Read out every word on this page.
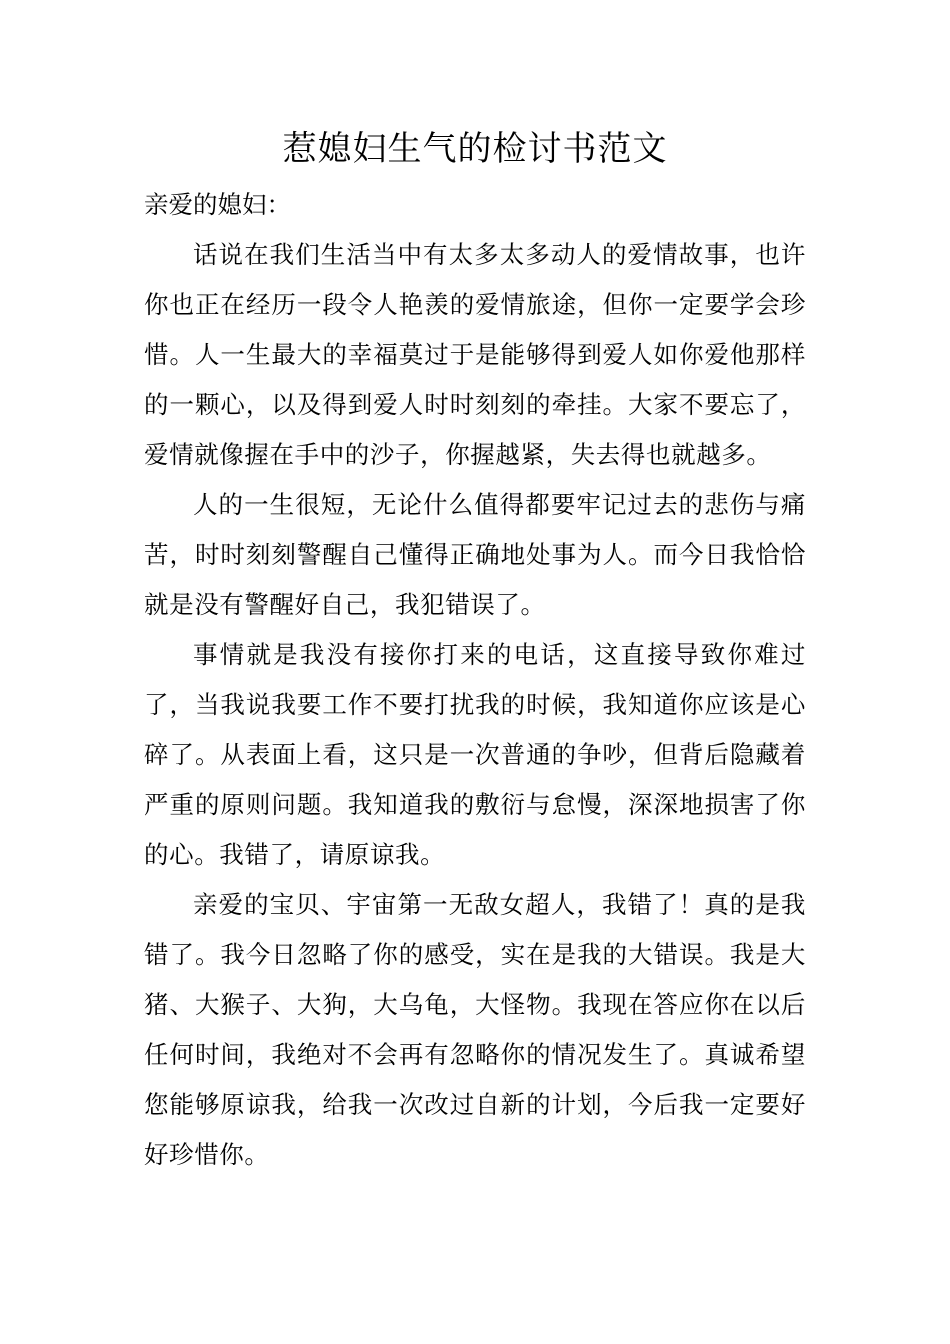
惹媳妇生气的检讨书范文

亲爱的媳妇：

话说在我们生活当中有太多太多动人的爱情故事，也许你也正在经历一段令人艳羡的爱情旅途，但你一定要学会珍惜。人一生最大的幸福莫过于是能够得到爱人如你爱他那样的一颗心，以及得到爱人时时刻刻的牵挂。大家不要忘了，爱情就像握在手中的沙子，你握越紧，失去得也就越多。

人的一生很短，无论什么值得都要牢记过去的悲伤与痛苦，时时刻刻警醒自己懂得正确地处事为人。而今日我恰恰就是没有警醒好自己，我犯错误了。

事情就是我没有接你打来的电话，这直接导致你难过了，当我说我要工作不要打扰我的时候，我知道你应该是心碎了。从表面上看，这只是一次普通的争吵，但背后隐藏着严重的原则问题。我知道我的敷衍与怠慢，深深地损害了你的心。我错了，请原谅我。

亲爱的宝贝、宇宙第一无敌女超人，我错了！真的是我错了。我今日忽略了你的感受，实在是我的大错误。我是大猪、大猴子、大狗，大乌龟，大怪物。我现在答应你在以后任何时间，我绝对不会再有忽略你的情况发生了。真诚希望您能够原谅我，给我一次改过自新的计划，今后我一定要好好珍惜你。
